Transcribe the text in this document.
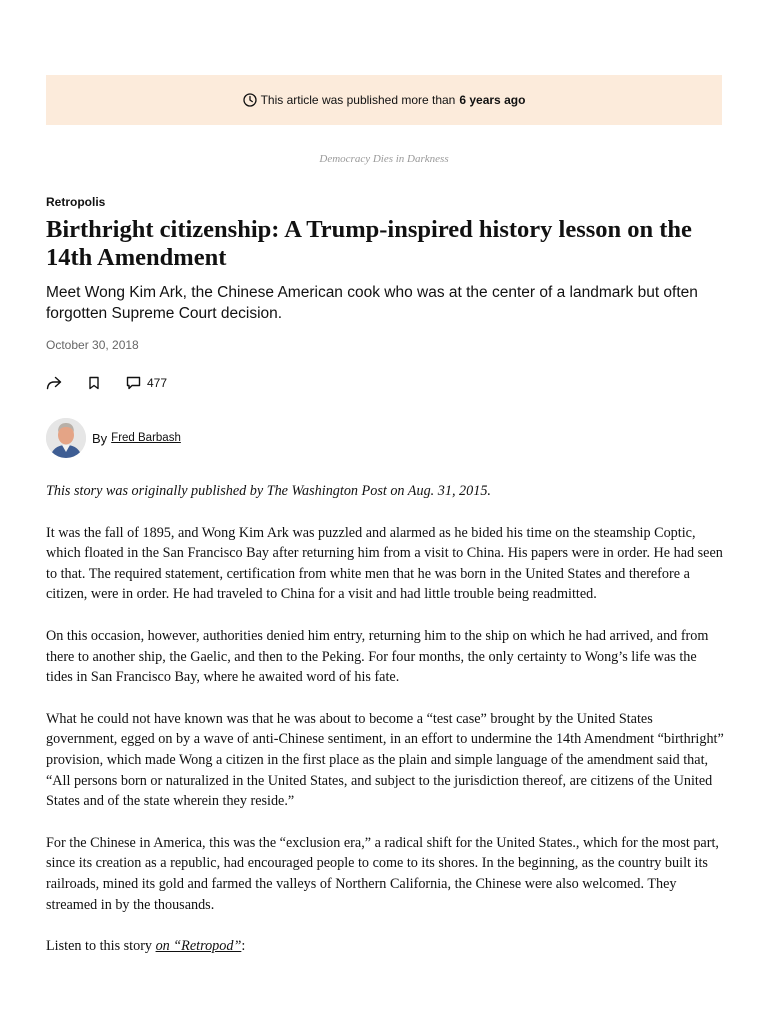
This article was published more than 6 years ago
Democracy Dies in Darkness
Retropolis
Birthright citizenship: A Trump-inspired history lesson on the 14th Amendment

Meet Wong Kim Ark, the Chinese American cook who was at the center of a landmark but often forgotten Supreme Court decision.

October 30, 2018
477
By Fred Barbash

This story was originally published by The Washington Post on Aug. 31, 2015.

It was the fall of 1895, and Wong Kim Ark was puzzled and alarmed as he bided his time on the steamship Coptic, which floated in the San Francisco Bay after returning him from a visit to China. His papers were in order. He had seen to that. The required statement, certification from white men that he was born in the United States and therefore a citizen, were in order. He had traveled to China for a visit and had little trouble being readmitted.

On this occasion, however, authorities denied him entry, returning him to the ship on which he had arrived, and from there to another ship, the Gaelic, and then to the Peking. For four months, the only certainty to Wong’s life was the tides in San Francisco Bay, where he awaited word of his fate.

What he could not have known was that he was about to become a “test case” brought by the United States government, egged on by a wave of anti-Chinese sentiment, in an effort to undermine the 14th Amendment “birthright” provision, which made Wong a citizen in the first place as the plain and simple language of the amendment said that, “All persons born or naturalized in the United States, and subject to the jurisdiction thereof, are citizens of the United States and of the state wherein they reside.”

For the Chinese in America, this was the “exclusion era,” a radical shift for the United States., which for the most part, since its creation as a republic, had encouraged people to come to its shores. In the beginning, as the country built its railroads, mined its gold and farmed the valleys of Northern California, the Chinese were also welcomed. They streamed in by the thousands.

Listen to this story on “Retropod”:
